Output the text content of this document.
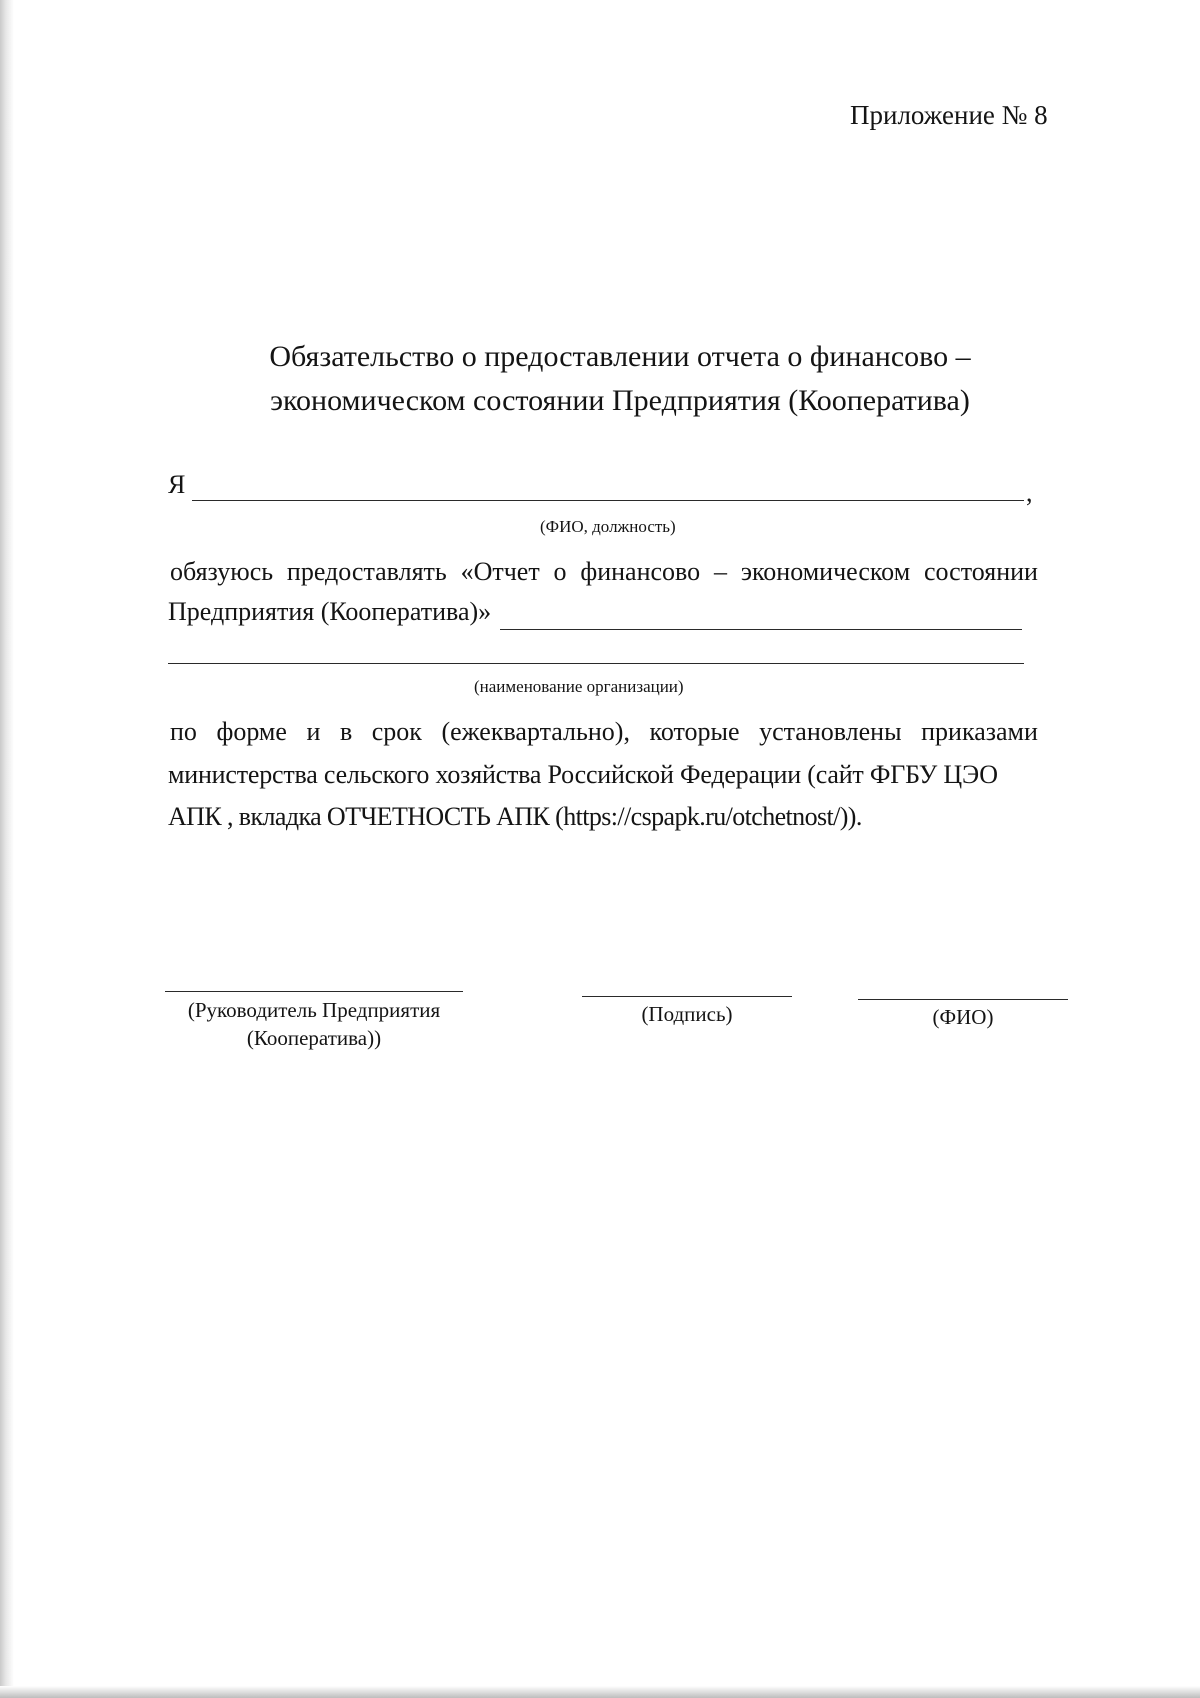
Приложение № 8
Обязательство о предоставлении отчета о финансово –
экономическом состоянии Предприятия (Кооператива)
Я	,
(ФИО, должность)
обязуюсь предоставлять «Отчет о финансово – экономическом состоянии
Предприятия (Кооператива)»
(наименование организации)
по форме и в срок (ежеквартально), которые установлены приказами
министерства сельского хозяйства Российской Федерации (сайт ФГБУ ЦЭО
АПК , вкладка ОТЧЕТНОСТЬ АПК (https://cspapk.ru/otchetnost/)).
(Руководитель Предприятия
(Кооператива))
(Подпись)	(ФИО)
